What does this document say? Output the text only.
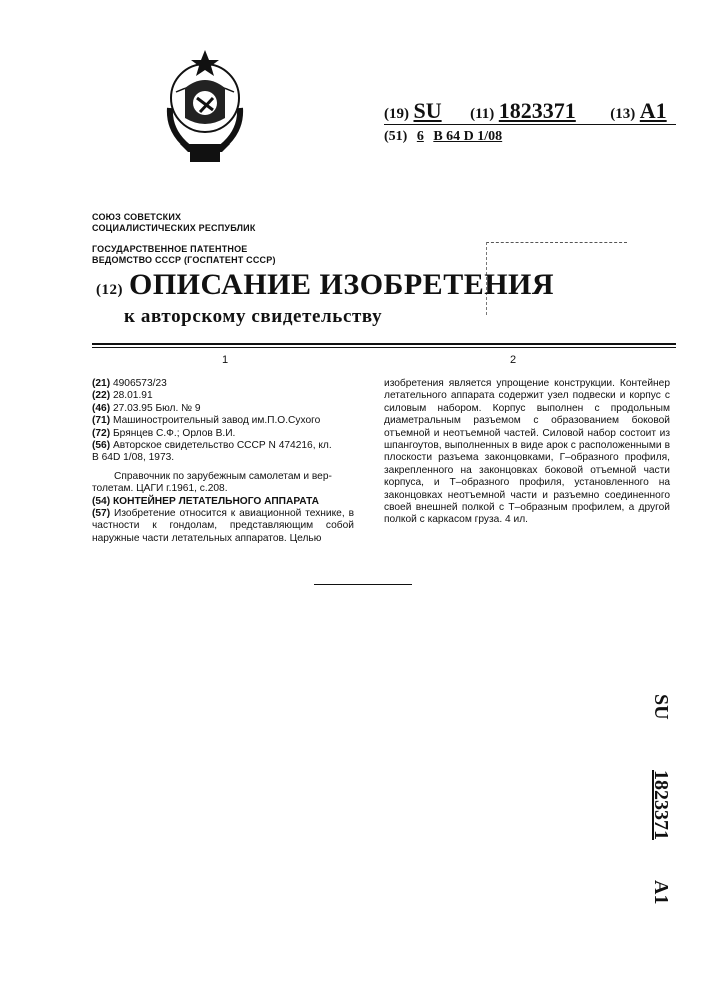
(19) SU (11) 1823371 (13) A1
(51) 6 B 64 D 1/08
СОЮЗ СОВЕТСКИХ
СОЦИАЛИСТИЧЕСКИХ РЕСПУБЛИК
ГОСУДАРСТВЕННОЕ ПАТЕНТНОЕ
ВЕДОМСТВО СССР (ГОСПАТЕНТ СССР)
(12) ОПИСАНИЕ ИЗОБРЕТЕНИЯ
к авторскому свидетельству
1	2
(21) 4906573/23
(22) 28.01.91
(46) 27.03.95 Бюл. № 9
(71) Машиностроительный завод им.П.О.Сухого
(72) Брянцев С.Ф.; Орлов В.И.
(56) Авторское свидетельство СССР N 474216, кл.
B 64D 1/08, 1973.
Справочник по зарубежным самолетам и вер-
толетам. ЦАГИ г.1961, с.208.
(54) КОНТЕЙНЕР ЛЕТАТЕЛЬНОГО АППАРАТА
(57) Изобретение относится к авиационной технике, в частности к гондолам, представляющим собой наружные части летательных аппаратов. Целью
изобретения является упрощение конструкции. Контейнер летательного аппарата содержит узел подвески и корпус с силовым набором. Корпус выполнен с продольным диаметральным разъемом с образованием боковой отъемной и неотъемной частей. Силовой набор состоит из шпангоутов, выполненных в виде арок с расположенными в плоскости разъема законцовками, Г–образного профиля, закрепленного на законцовках боковой отъемной части корпуса, и Т–образного профиля, установленного на законцовках неотъемной части и разъемно соединенного своей внешней полкой с Т–образным профилем, а другой полкой с каркасом груза. 4 ил.
SU
1823371
A1
